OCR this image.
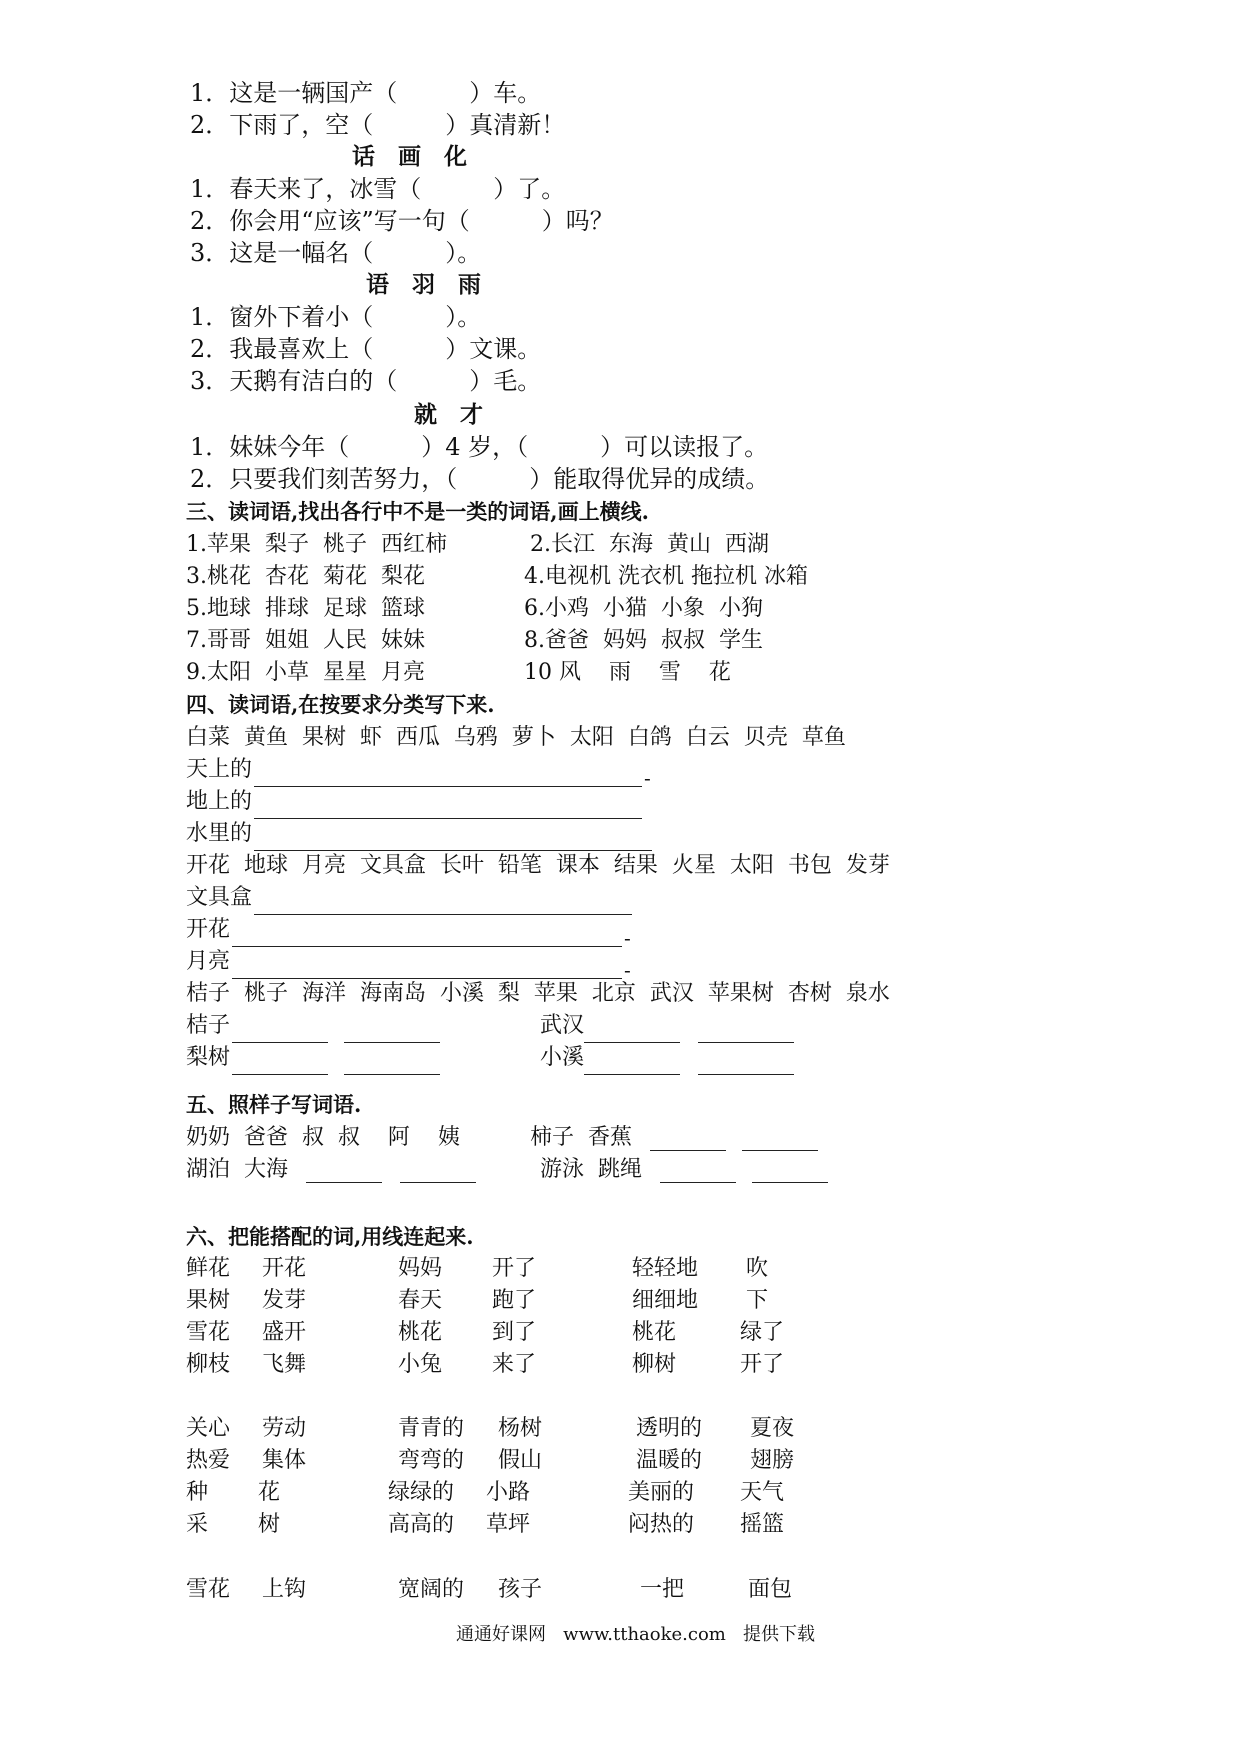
1．这是一辆国产（　　　）车。
2．下雨了，空（　　　）真清新！
话　画　化
1．春天来了，冰雪（　　　）了。
2．你会用“应该”写一句（　　　）吗？
3．这是一幅名（　　　）。
语　羽　雨
1．窗外下着小（　　　）。
2．我最喜欢上（　　　）文课。
3．天鹅有洁白的（　　　）毛。
就　才
1．妹妹今年（　　　）4 岁，（　　　）可以读报了。
2．只要我们刻苦努力，（　　　）能取得优异的成绩。
三、读词语,找出各行中不是一类的词语,画上横线.
1.苹果  梨子  桃子  西红柿	2.长江  东海  黄山  西湖
3.桃花  杏花  菊花  梨花	4.电视机 洗衣机 拖拉机 冰箱
5.地球  排球  足球  篮球	6.小鸡  小猫  小象  小狗
7.哥哥  姐姐  人民  妹妹	8.爸爸  妈妈  叔叔  学生
9.太阳  小草  星星  月亮	10 风    雨    雪    花
四、读词语,在按要求分类写下来.
白菜  黄鱼  果树  虾  西瓜  乌鸦  萝卜  太阳  白鸽  白云  贝壳  草鱼
天上的	-
地上的
水里的
开花  地球  月亮  文具盒  长叶  铅笔  课本  结果  火星  太阳  书包  发芽
文具盒
开花	-
月亮	-
桔子  桃子  海洋  海南岛  小溪  梨  苹果  北京  武汉  苹果树  杏树  泉水
桔子	武汉
梨树	小溪
五、照样子写词语.
奶奶  爸爸  叔  叔    阿    姨	柿子  香蕉
湖泊  大海	游泳  跳绳
六、把能搭配的词,用线连起来.
鲜花 开花	妈妈 开了	轻轻地 吹
果树 发芽	春天 跑了	细细地 下
雪花 盛开	桃花 到了	桃花	绿了
柳枝 飞舞	小兔 来了	柳树	开了
关心 劳动	青青的 杨树	透明的 夏夜
热爱 集体	弯弯的 假山	温暖的 翅膀
种 花	绿绿的 小路	美丽的 天气
采 树	高高的 草坪	闷热的 摇篮
雪花 上钩	宽阔的 孩子	一把	面包
通通好课网   www.tthaoke.com   提供下载
